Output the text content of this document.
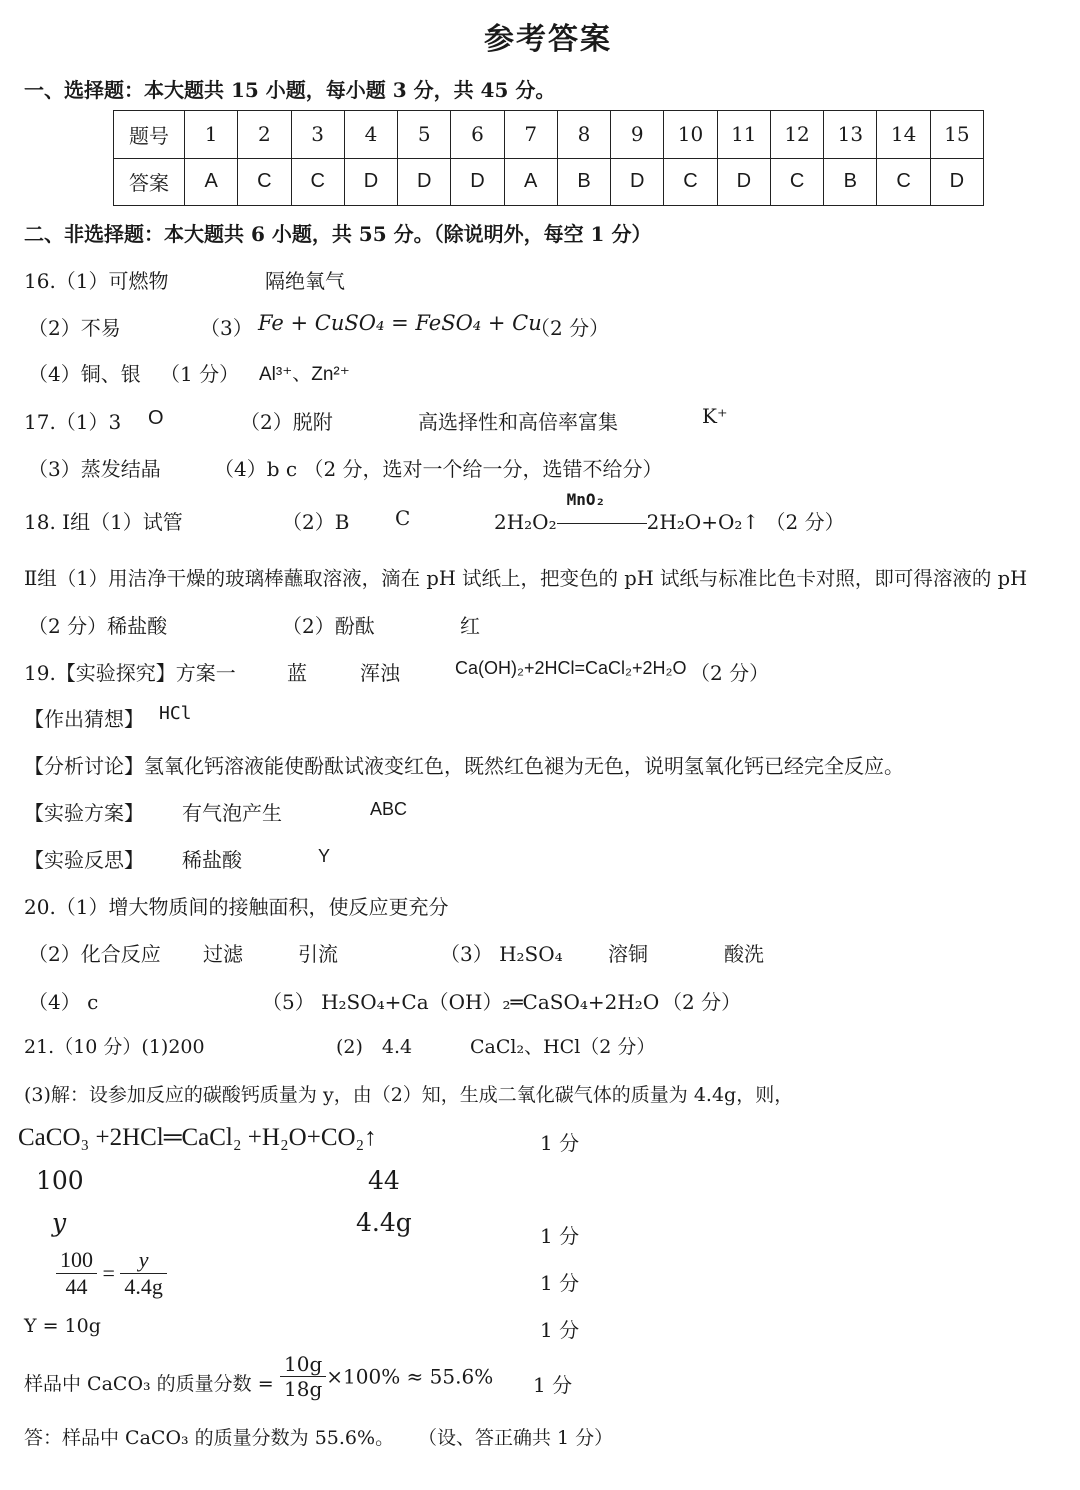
参考答案
一、选择题：本大题共 15 小题，每小题 3 分，共 45 分。
题号	1	2	3	4	5	6	7	8	9	10	11	12	13	14	15
答案	A	C	C	D	D	D	A	B	D	C	D	C	B	C	D
二、非选择题：本大题共 6 小题，共 55 分。（除说明外，每空 1 分）
16.（1）可燃物	隔绝氧气
（2）不易	（3） Fe + CuSO₄ = FeSO₄ + Cu
（2 分）
（4）铜、银 （1 分） Al³⁺、Zn²⁺
17.（1）3 O	（2）脱附	高选择性和高倍率富集	K⁺
（3）蒸发结晶	（4）b c （2 分，选对一个给一分，选错不给分）
18. Ⅰ组（1）试管	（2）B C	2H₂O₂
MnO₂
2H₂O+O₂↑ （2 分）
Ⅱ组（1）用洁净干燥的玻璃棒蘸取溶液，滴在 pH 试纸上，把变色的 pH 试纸与标准比色卡对照，即可得溶液的 pH
（2 分）稀盐酸	（2）酚酞	红
19.【实验探究】方案一	蓝	浑浊	Ca(OH)₂+2HCl=CaCl₂+2H₂O （2 分）
【作出猜想】 HCl
【分析讨论】氢氧化钙溶液能使酚酞试液变红色，既然红色褪为无色，说明氢氧化钙已经完全反应。
【实验方案】 有气泡产生	ABC
【实验反思】 稀盐酸	Y
20.（1）增大物质间的接触面积，使反应更充分
（2）化合反应 过滤	引流	（3） H₂SO₄ 溶铜	酸洗
（4） c	（5） H₂SO₄+Ca（OH）₂═CaSO₄+2H₂O （2 分）
21.（10 分）(1)200	(2)　4.4	CaCl₂、HCl（2 分）
(3)解：设参加反应的碳酸钙质量为 y，由（2）知，生成二氧化碳气体的质量为 4.4g，则，
CaCO₃ +2HCl═CaCl₂ +H₂O+CO₂↑	1 分
100	44
y	4.4g	1 分
$\frac{100}{44} = \frac{y}{4.4g}$	1 分
Y = 10g	1 分
样品中 CaCO₃ 的质量分数 = $\frac{10g}{18g} \times 100\% \approx 55.6\%$ 1 分
答：样品中 CaCO₃ 的质量分数为 55.6%。 （设、答正确共 1 分）
